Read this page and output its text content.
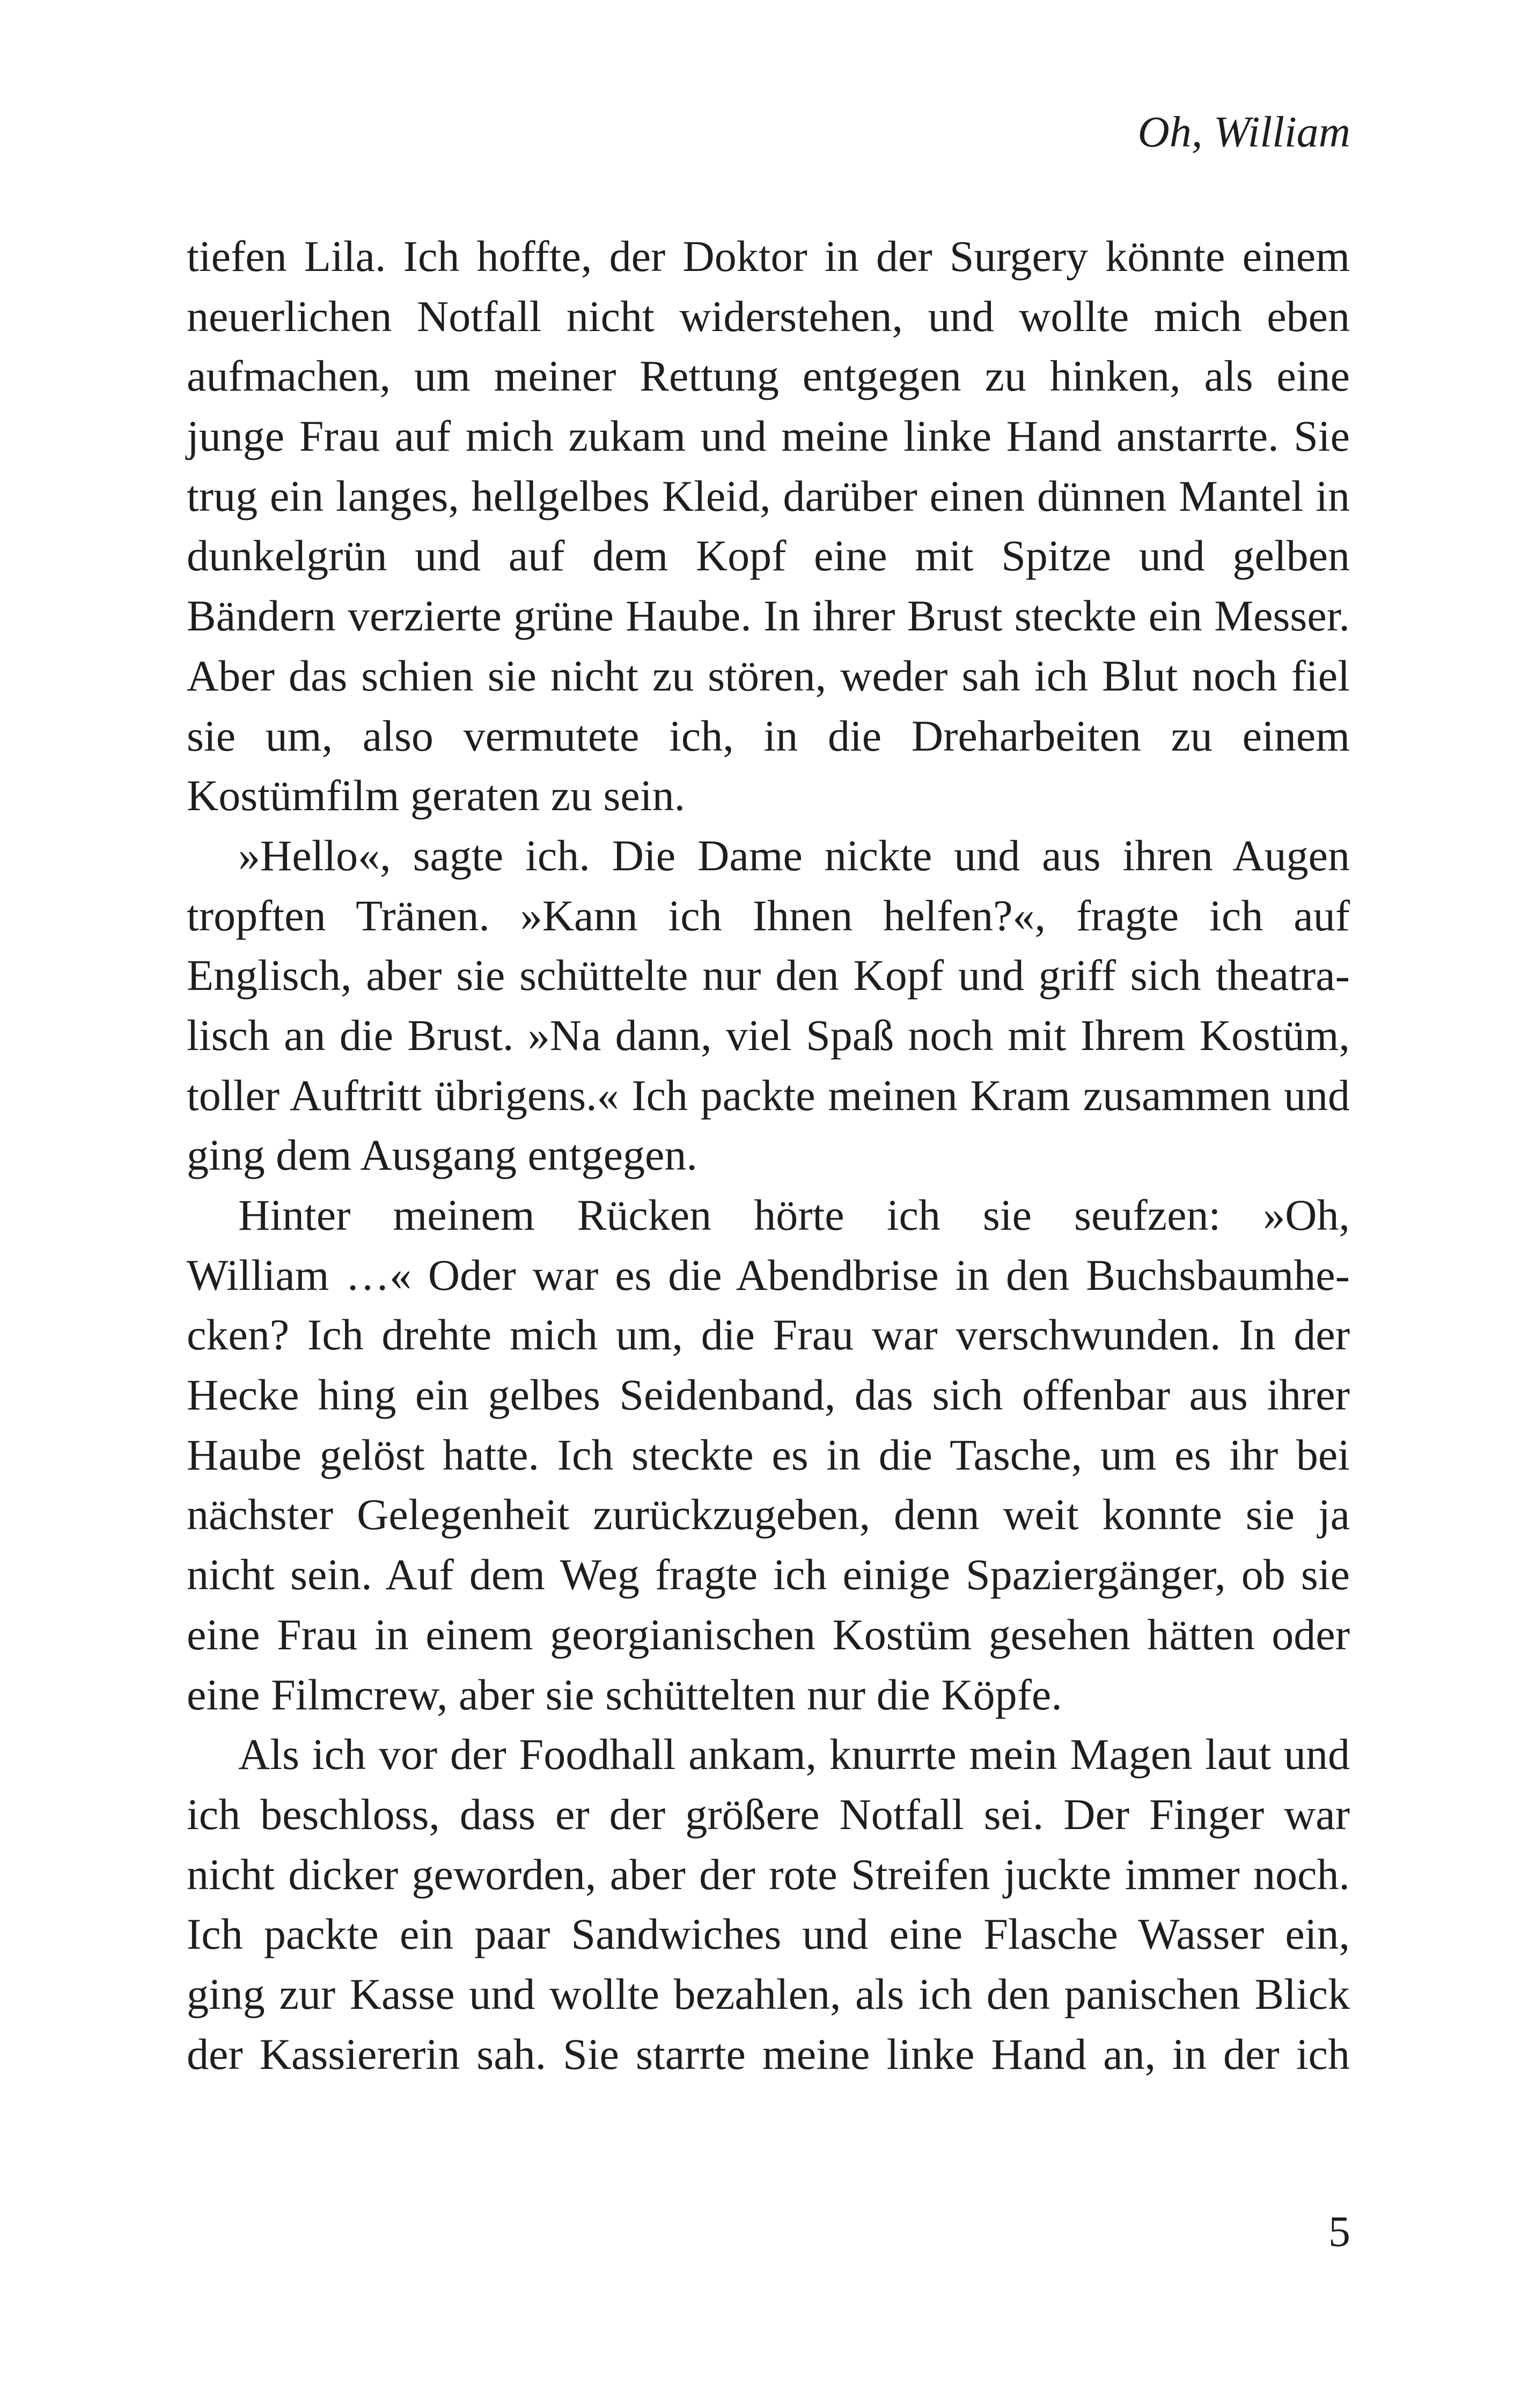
Oh, William
tiefen Lila. Ich hoffte, der Doktor in der Surgery könnte einem
neuerlichen Notfall nicht widerstehen, und wollte mich eben
aufmachen, um meiner Rettung entgegen zu hinken, als eine
junge Frau auf mich zukam und meine linke Hand anstarrte. Sie
trug ein langes, hellgelbes Kleid, darüber einen dünnen Mantel in
dunkelgrün und auf dem Kopf eine mit Spitze und gelben
Bändern verzierte grüne Haube. In ihrer Brust steckte ein Messer.
Aber das schien sie nicht zu stören, weder sah ich Blut noch fiel
sie um, also vermutete ich, in die Dreharbeiten zu einem
Kostümfilm geraten zu sein.
»Hello«, sagte ich. Die Dame nickte und aus ihren Augen
tropften Tränen. »Kann ich Ihnen helfen?«, fragte ich auf
Englisch, aber sie schüttelte nur den Kopf und griff sich theatra-
lisch an die Brust. »Na dann, viel Spaß noch mit Ihrem Kostüm,
toller Auftritt übrigens.« Ich packte meinen Kram zusammen und
ging dem Ausgang entgegen.
Hinter meinem Rücken hörte ich sie seufzen: »Oh,
William …« Oder war es die Abendbrise in den Buchsbaumhe-
cken? Ich drehte mich um, die Frau war verschwunden. In der
Hecke hing ein gelbes Seidenband, das sich offenbar aus ihrer
Haube gelöst hatte. Ich steckte es in die Tasche, um es ihr bei
nächster Gelegenheit zurückzugeben, denn weit konnte sie ja
nicht sein. Auf dem Weg fragte ich einige Spaziergänger, ob sie
eine Frau in einem georgianischen Kostüm gesehen hätten oder
eine Filmcrew, aber sie schüttelten nur die Köpfe.
Als ich vor der Foodhall ankam, knurrte mein Magen laut und
ich beschloss, dass er der größere Notfall sei. Der Finger war
nicht dicker geworden, aber der rote Streifen juckte immer noch.
Ich packte ein paar Sandwiches und eine Flasche Wasser ein,
ging zur Kasse und wollte bezahlen, als ich den panischen Blick
der Kassiererin sah. Sie starrte meine linke Hand an, in der ich
5
